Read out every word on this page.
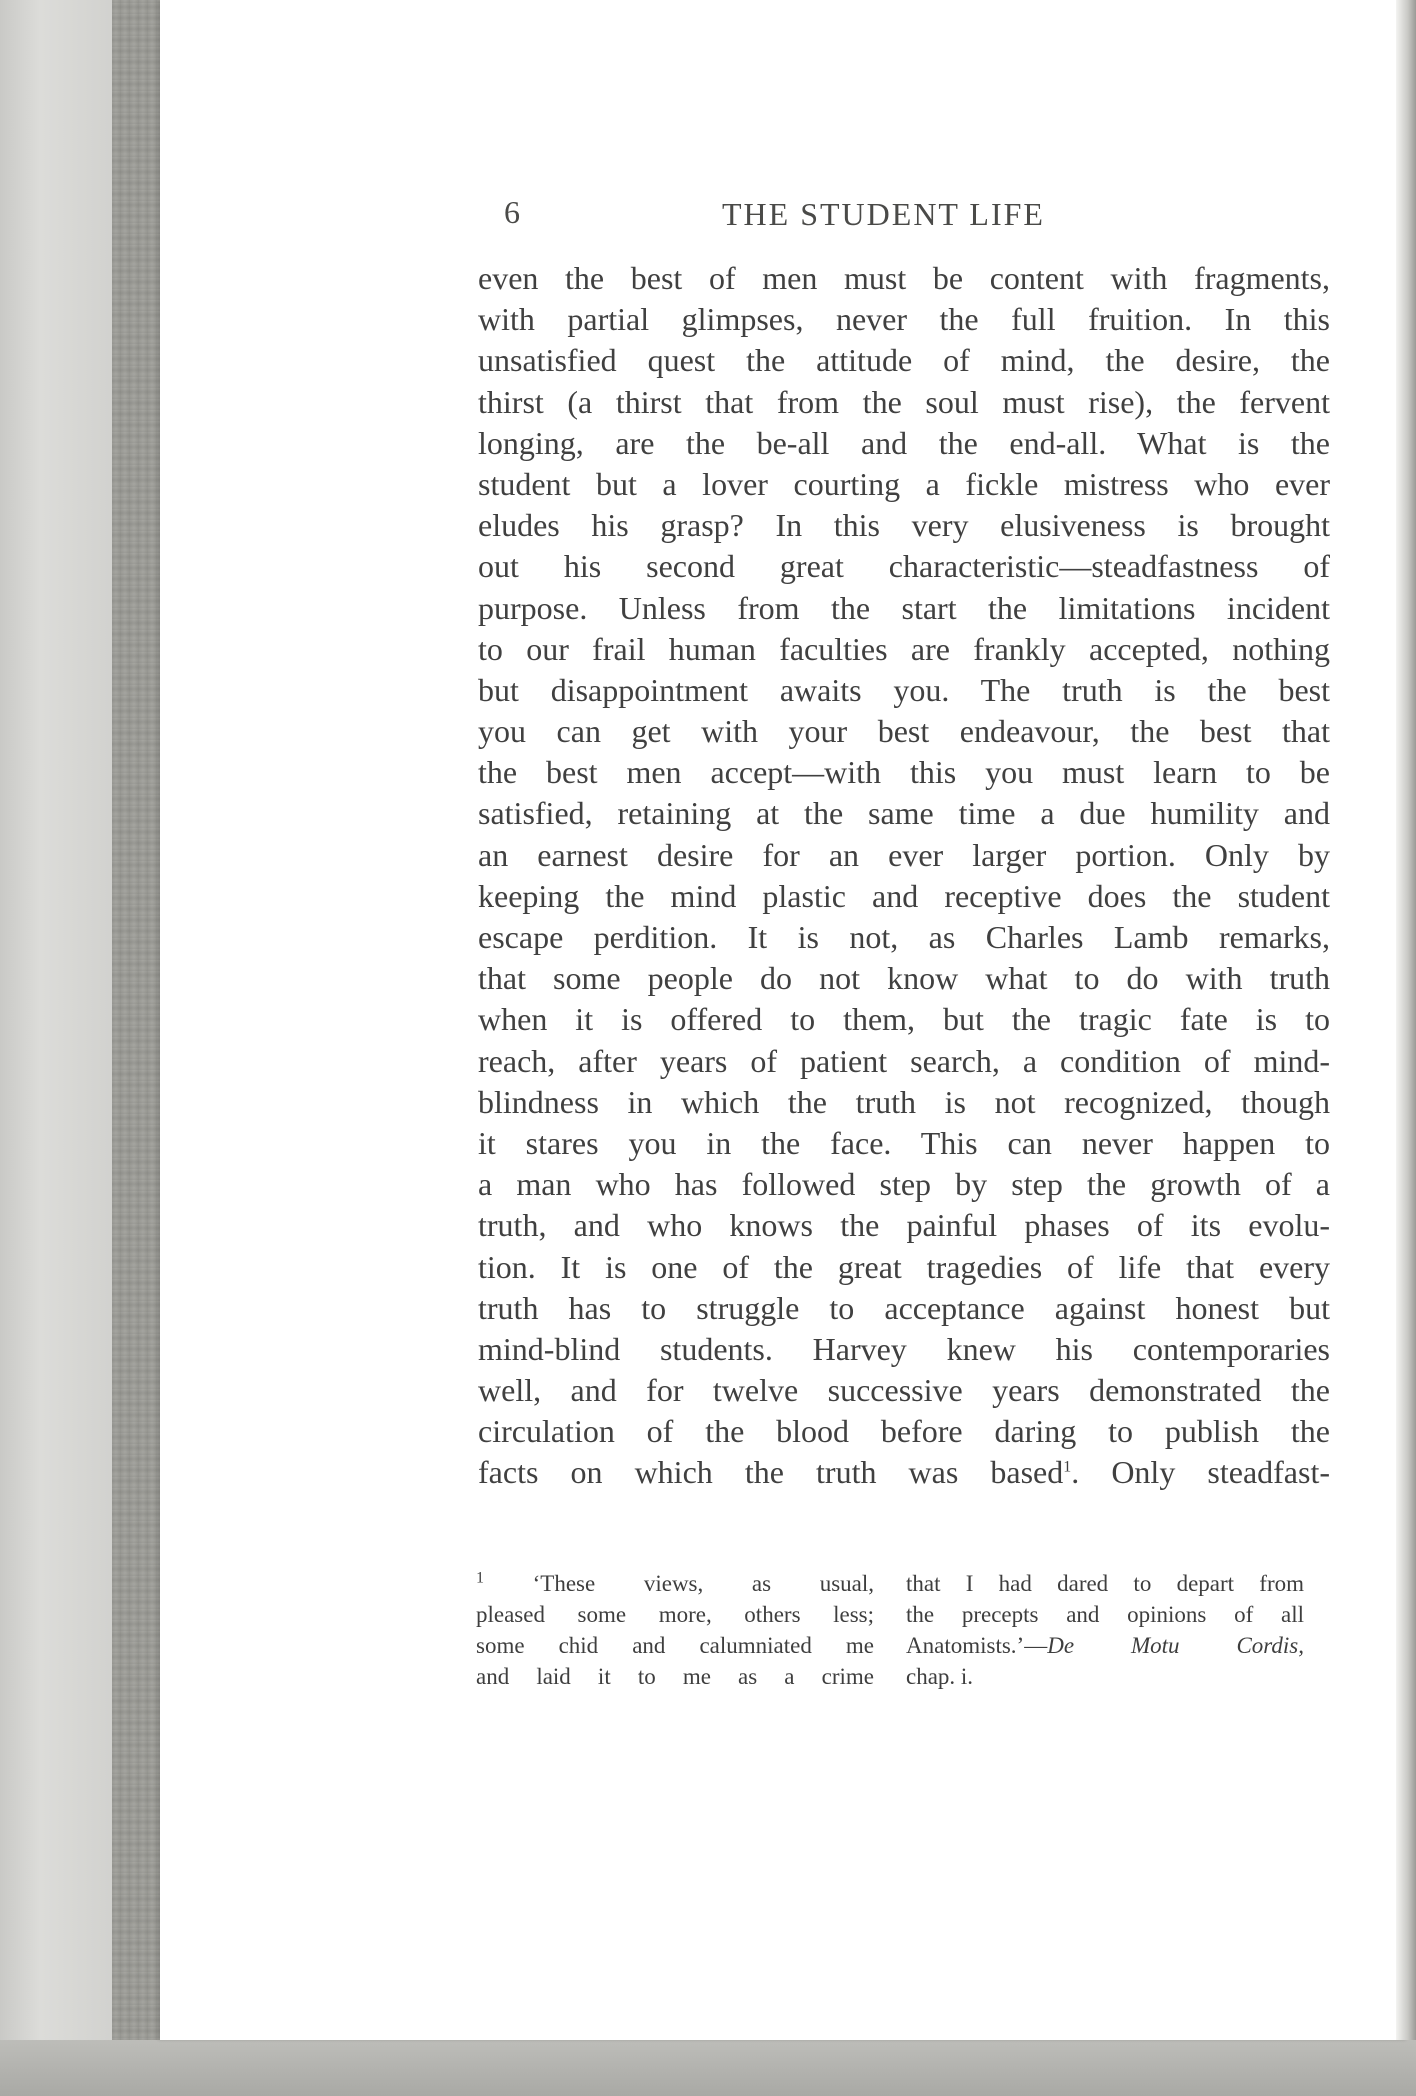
6	THE STUDENT LIFE
even the best of men must be content with fragments,
with partial glimpses, never the full fruition. In this
unsatisfied quest the attitude of mind, the desire, the
thirst (a thirst that from the soul must rise), the fervent
longing, are the be-all and the end-all. What is the
student but a lover courting a fickle mistress who ever
eludes his grasp? In this very elusiveness is brought
out his second great characteristic—steadfastness of
purpose. Unless from the start the limitations incident
to our frail human faculties are frankly accepted, nothing
but disappointment awaits you. The truth is the best
you can get with your best endeavour, the best that
the best men accept—with this you must learn to be
satisfied, retaining at the same time a due humility and
an earnest desire for an ever larger portion. Only by
keeping the mind plastic and receptive does the student
escape perdition. It is not, as Charles Lamb remarks,
that some people do not know what to do with truth
when it is offered to them, but the tragic fate is to
reach, after years of patient search, a condition of mind-
blindness in which the truth is not recognized, though
it stares you in the face. This can never happen to
a man who has followed step by step the growth of a
truth, and who knows the painful phases of its evolu-
tion. It is one of the great tragedies of life that every
truth has to struggle to acceptance against honest but
mind-blind students. Harvey knew his contemporaries
well, and for twelve successive years demonstrated the
circulation of the blood before daring to publish the
facts on which the truth was based$^1$. Only steadfast-
$^1$ ‘These views, as usual,
pleased some more, others less;
some chid and calumniated me
and laid it to me as a crime
that I had dared to depart from
the precepts and opinions of all
Anatomists.’—De Motu Cordis,
chap. i.
